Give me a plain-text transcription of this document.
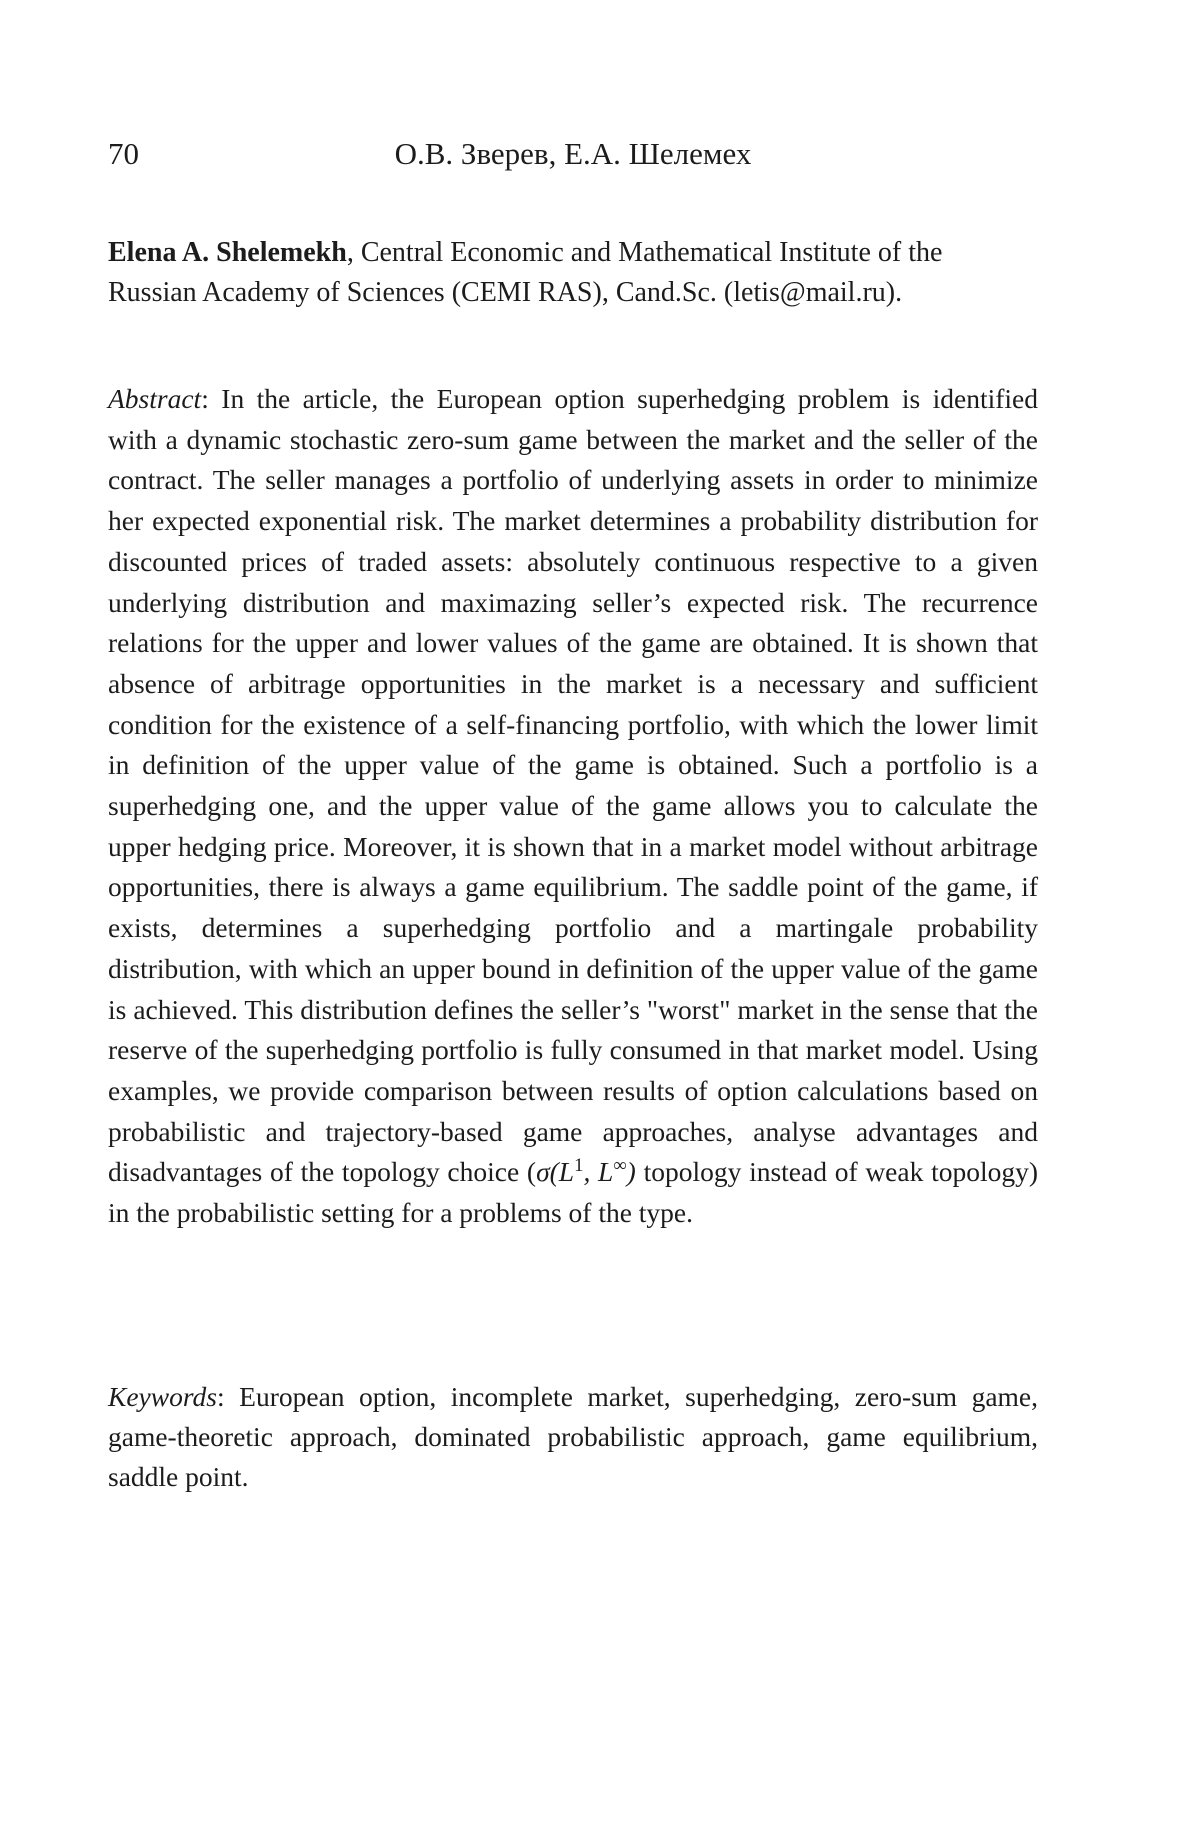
70	О.В. Зверев, Е.А. Шелемех

Elena A. Shelemekh, Central Economic and Mathematical Institute of the Russian Academy of Sciences (CEMI RAS), Cand.Sc. (letis@mail.ru).

Abstract: In the article, the European option superhedging problem is identified with a dynamic stochastic zero-sum game between the market and the seller of the contract. The seller manages a portfolio of underlying assets in order to minimize her expected exponential risk. The market determines a probability distribution for discounted prices of traded assets: absolutely continuous respective to a given underlying distribution and maximazing seller’s expected risk. The recurrence relations for the upper and lower values of the game are obtained. It is shown that absence of arbitrage opportunities in the market is a necessary and sufficient condition for the existence of a self-financing portfolio, with which the lower limit in definition of the upper value of the game is obtained. Such a portfolio is a superhedging one, and the upper value of the game allows you to calculate the upper hedging price. Moreover, it is shown that in a market model without arbitrage opportunities, there is always a game equilibrium. The saddle point of the game, if exists, determines a superhedging portfolio and a martingale probability distribution, with which an upper bound in definition of the upper value of the game is achieved. This distribution defines the seller’s "worst" market in the sense that the reserve of the superhedging portfolio is fully consumed in that market model. Using examples, we provide comparison between results of option calculations based on probabilistic and trajectory-based game approaches, analyse advantages and disadvantages of the topology choice ($\sigma(L^1$, L∞) topology instead of weak topology) in the probabilistic setting for a problems of the type.

Keywords: European option, incomplete market, superhedging, zero-sum game, game-theoretic approach, dominated probabilistic approach, game equilibrium, saddle point.
